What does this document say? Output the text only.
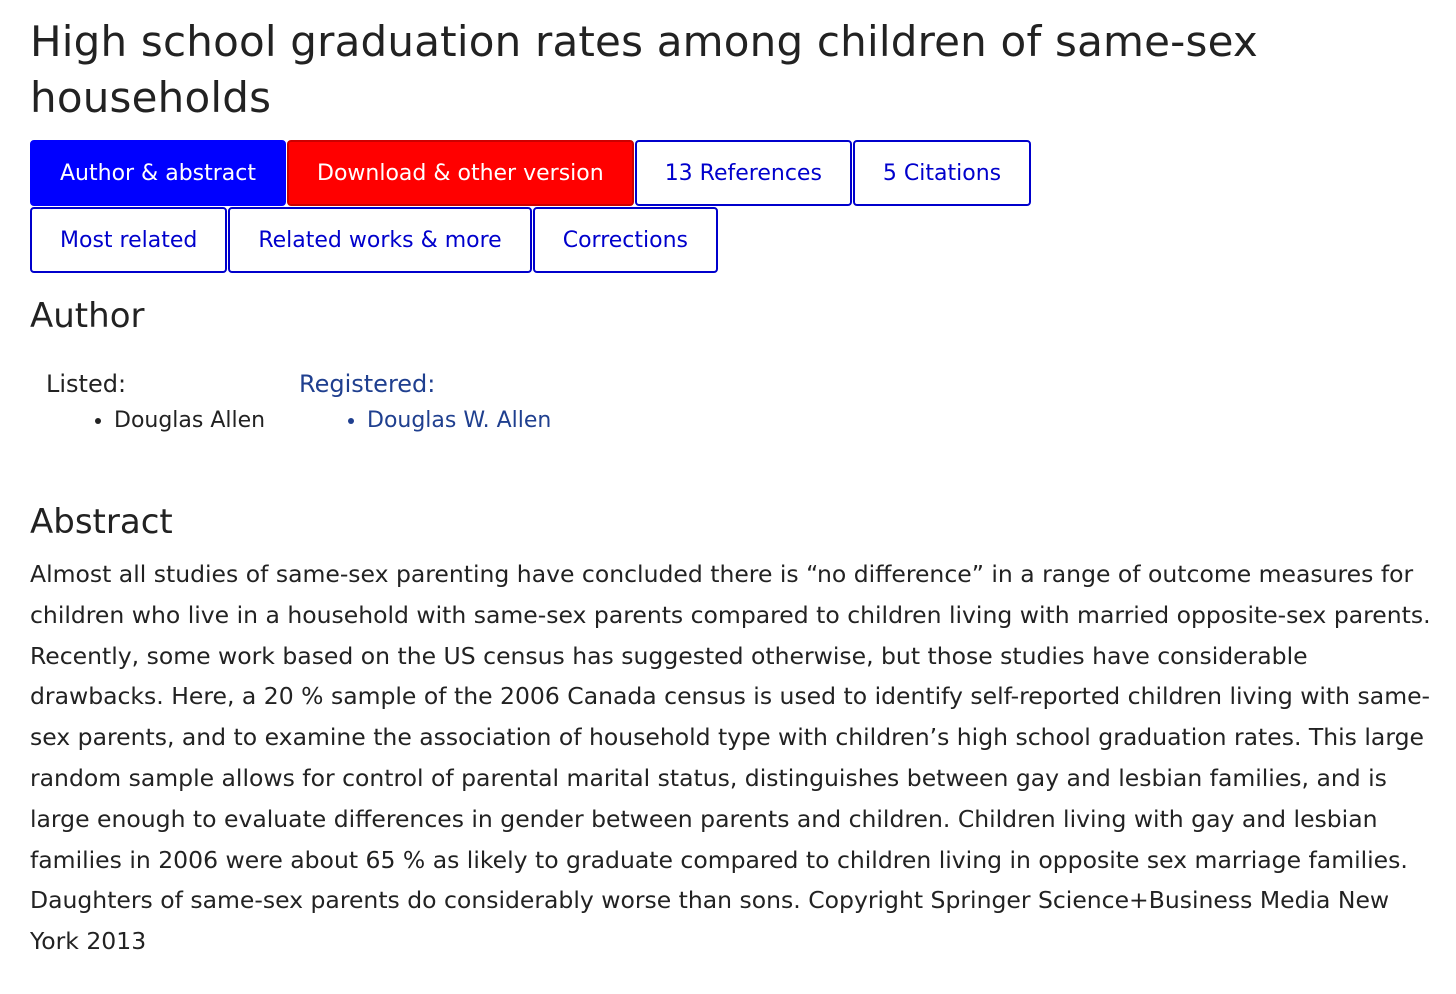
High school graduation rates among children of same-sex households
Author & abstract	Download & other version	13 References	5 Citations
Most related	Related works & more	Corrections
Author
Listed:
• Douglas Allen
Registered:
• Douglas W. Allen
Abstract
Almost all studies of same-sex parenting have concluded there is “no difference” in a range of outcome measures for children who live in a household with same-sex parents compared to children living with married opposite-sex parents. Recently, some work based on the US census has suggested otherwise, but those studies have considerable drawbacks. Here, a 20 % sample of the 2006 Canada census is used to identify self-reported children living with same-sex parents, and to examine the association of household type with children’s high school graduation rates. This large random sample allows for control of parental marital status, distinguishes between gay and lesbian families, and is large enough to evaluate differences in gender between parents and children. Children living with gay and lesbian families in 2006 were about 65 % as likely to graduate compared to children living in opposite sex marriage families. Daughters of same-sex parents do considerably worse than sons. Copyright Springer Science+Business Media New York 2013
